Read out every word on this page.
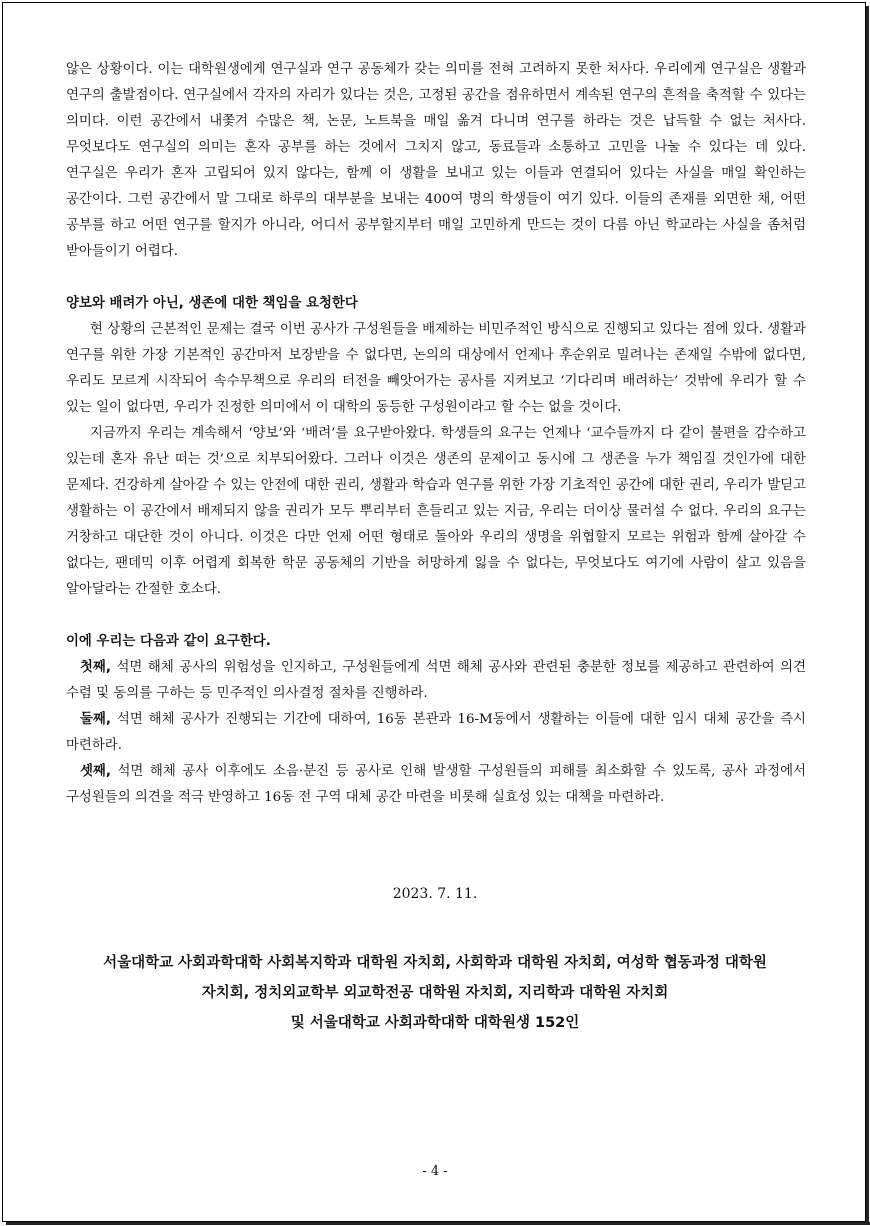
않은 상황이다. 이는 대학원생에게 연구실과 연구 공동체가 갖는 의미를 전혀 고려하지 못한 처사다. 우리에게 연구실은 생활과 연구의 출발점이다. 연구실에서 각자의 자리가 있다는 것은, 고정된 공간을 점유하면서 계속된 연구의 흔적을 축적할 수 있다는 의미다. 이런 공간에서 내쫓겨 수많은 책, 논문, 노트북을 매일 옮겨 다니며 연구를 하라는 것은 납득할 수 없는 처사다. 무엇보다도 연구실의 의미는 혼자 공부를 하는 것에서 그치지 않고, 동료들과 소통하고 고민을 나눌 수 있다는 데 있다. 연구실은 우리가 혼자 고립되어 있지 않다는, 함께 이 생활을 보내고 있는 이들과 연결되어 있다는 사실을 매일 확인하는 공간이다. 그런 공간에서 말 그대로 하루의 대부분을 보내는 400여 명의 학생들이 여기 있다. 이들의 존재를 외면한 채, 어떤 공부를 하고 어떤 연구를 할지가 아니라, 어디서 공부할지부터 매일 고민하게 만드는 것이 다름 아닌 학교라는 사실을 좀처럼 받아들이기 어렵다.

양보와 배려가 아닌, 생존에 대한 책임을 요청한다

현 상황의 근본적인 문제는 결국 이번 공사가 구성원들을 배제하는 비민주적인 방식으로 진행되고 있다는 점에 있다. 생활과 연구를 위한 가장 기본적인 공간마저 보장받을 수 없다면, 논의의 대상에서 언제나 후순위로 밀려나는 존재일 수밖에 없다면, 우리도 모르게 시작되어 속수무책으로 우리의 터전을 빼앗어가는 공사를 지켜보고 ‘기다리며 배려하는’ 것밖에 우리가 할 수 있는 일이 없다면, 우리가 진정한 의미에서 이 대학의 동등한 구성원이라고 할 수는 없을 것이다.

지금까지 우리는 계속해서 ‘양보’와 ‘배려’를 요구받아왔다. 학생들의 요구는 언제나 ‘교수들까지 다 같이 불편을 감수하고 있는데 혼자 유난 떠는 것’으로 치부되어왔다. 그러나 이것은 생존의 문제이고 동시에 그 생존을 누가 책임질 것인가에 대한 문제다. 건강하게 살아갈 수 있는 안전에 대한 권리, 생활과 학습과 연구를 위한 가장 기초적인 공간에 대한 권리, 우리가 발딛고 생활하는 이 공간에서 배제되지 않을 권리가 모두 뿌리부터 흔들리고 있는 지금, 우리는 더이상 물러설 수 없다. 우리의 요구는 거창하고 대단한 것이 아니다. 이것은 다만 언제 어떤 형태로 돌아와 우리의 생명을 위협할지 모르는 위험과 함께 살아갈 수 없다는, 팬데믹 이후 어렵게 회복한 학문 공동체의 기반을 허망하게 잃을 수 없다는, 무엇보다도 여기에 사람이 살고 있음을 알아달라는 간절한 호소다.

이에 우리는 다음과 같이 요구한다.

첫째, 석면 해체 공사의 위험성을 인지하고, 구성원들에게 석면 해체 공사와 관련된 충분한 정보를 제공하고 관련하여 의견 수렴 및 동의를 구하는 등 민주적인 의사결정 절차를 진행하라.

둘째, 석면 해체 공사가 진행되는 기간에 대하여, 16동 본관과 16-M동에서 생활하는 이들에 대한 임시 대체 공간을 즉시 마련하라.

셋째, 석면 해체 공사 이후에도 소음·분진 등 공사로 인해 발생할 구성원들의 피해를 최소화할 수 있도록, 공사 과정에서 구성원들의 의견을 적극 반영하고 16동 전 구역 대체 공간 마련을 비롯해 실효성 있는 대책을 마련하라.

2023. 7. 11.

서울대학교 사회과학대학 사회복지학과 대학원 자치회, 사회학과 대학원 자치회, 여성학 협동과정 대학원

자치회, 정치외교학부 외교학전공 대학원 자치회, 지리학과 대학원 자치회

및 서울대학교 사회과학대학 대학원생 152인

- 4 -
